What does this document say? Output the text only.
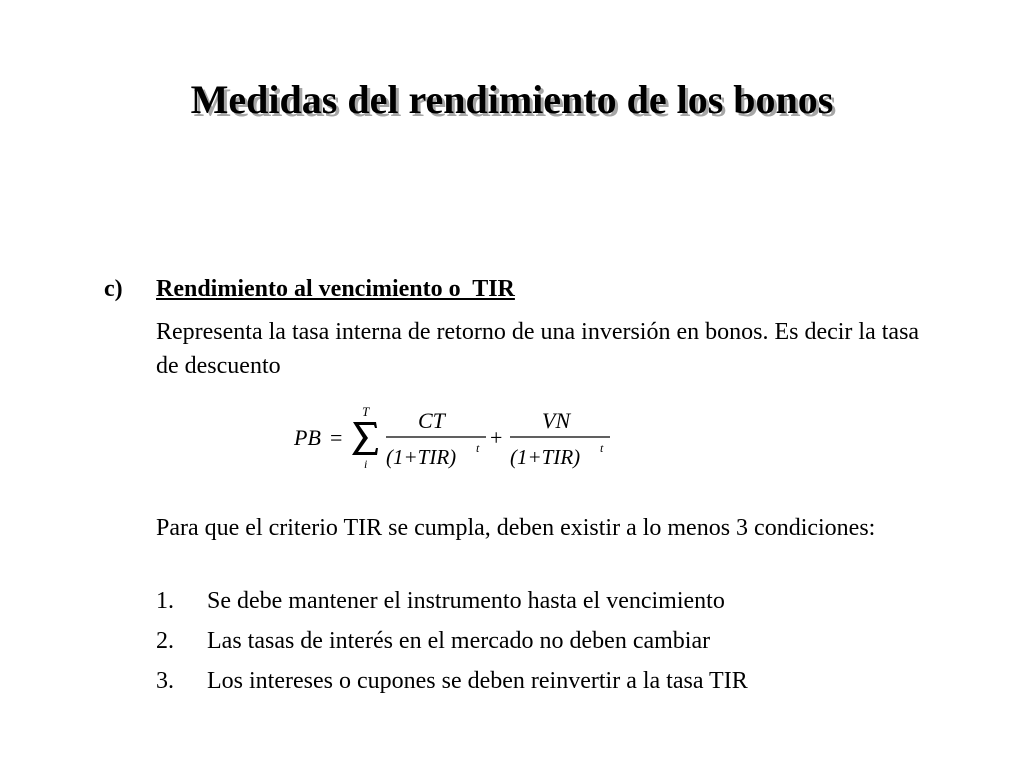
Medidas del rendimiento de los bonos
c) Rendimiento al vencimiento o  TIR
Representa la tasa interna de retorno de una inversión en bonos. Es decir la tasa de descuento
PB =
T
i
CT
(1+TIR) t +
VN
(1+TIR) t
Para que el criterio TIR se cumpla, deben existir a lo menos 3 condiciones:
1. Se debe mantener el instrumento hasta el vencimiento
2. Las tasas de interés en el mercado no deben cambiar
3. Los intereses o cupones se deben reinvertir a la tasa TIR
